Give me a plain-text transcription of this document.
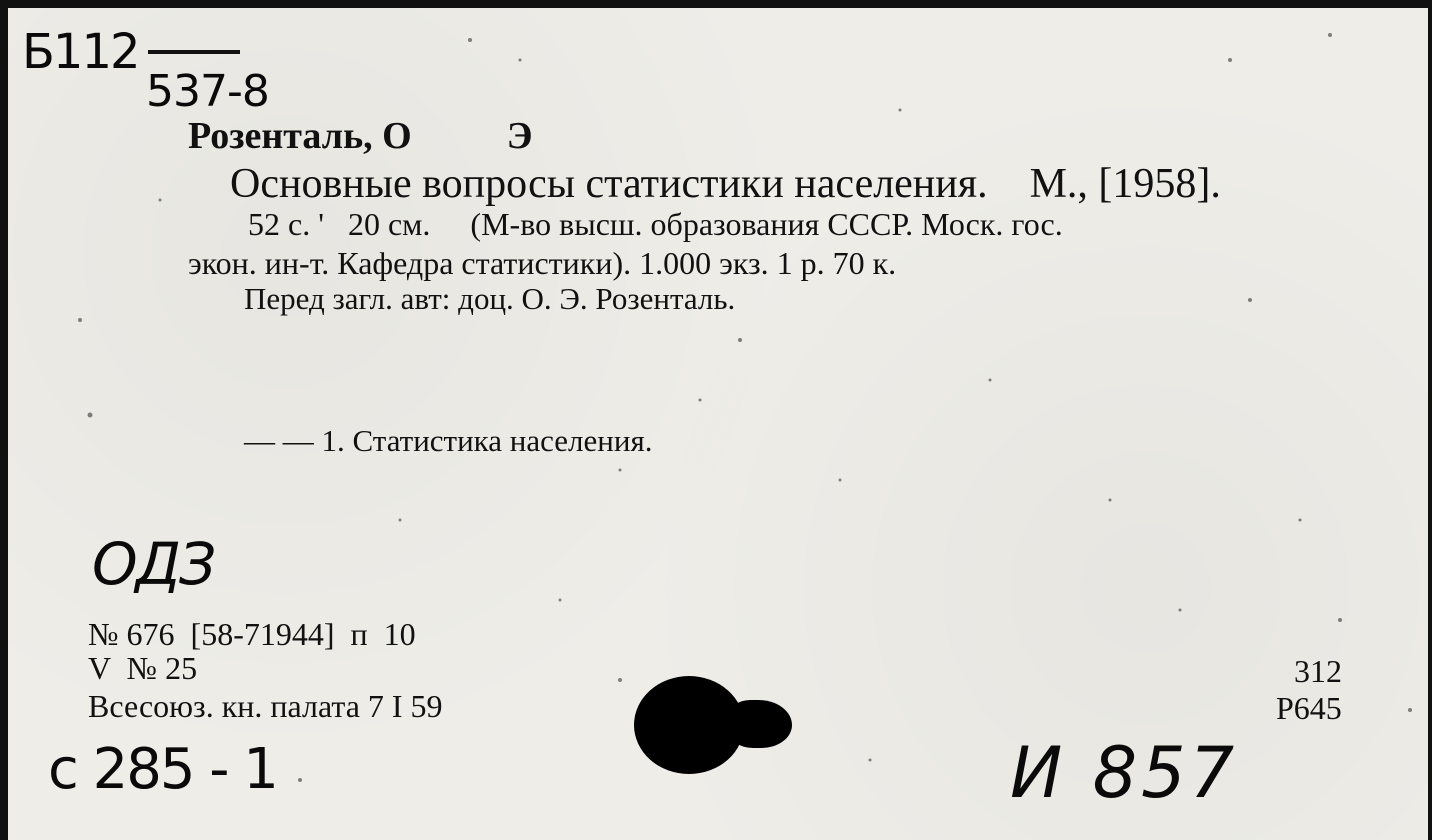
Б112
537-8
Розенталь, О          Э
Основные вопросы статистики населения.    М., [1958].
52 с. '   20 см.     (М-во высш. образования СССР. Моск. гос.
экон. ин-т. Кафедра статистики). 1.000 экз. 1 р. 70 к.
Перед загл. авт: доц. О. Э. Розенталь.
— — 1. Статистика населения.
ОДЗ
№ 676  [58-71944]  п  10
V  № 25
Всесоюз. кн. палата 7 I 59
312
Р645
с 285 - 1	И 857
